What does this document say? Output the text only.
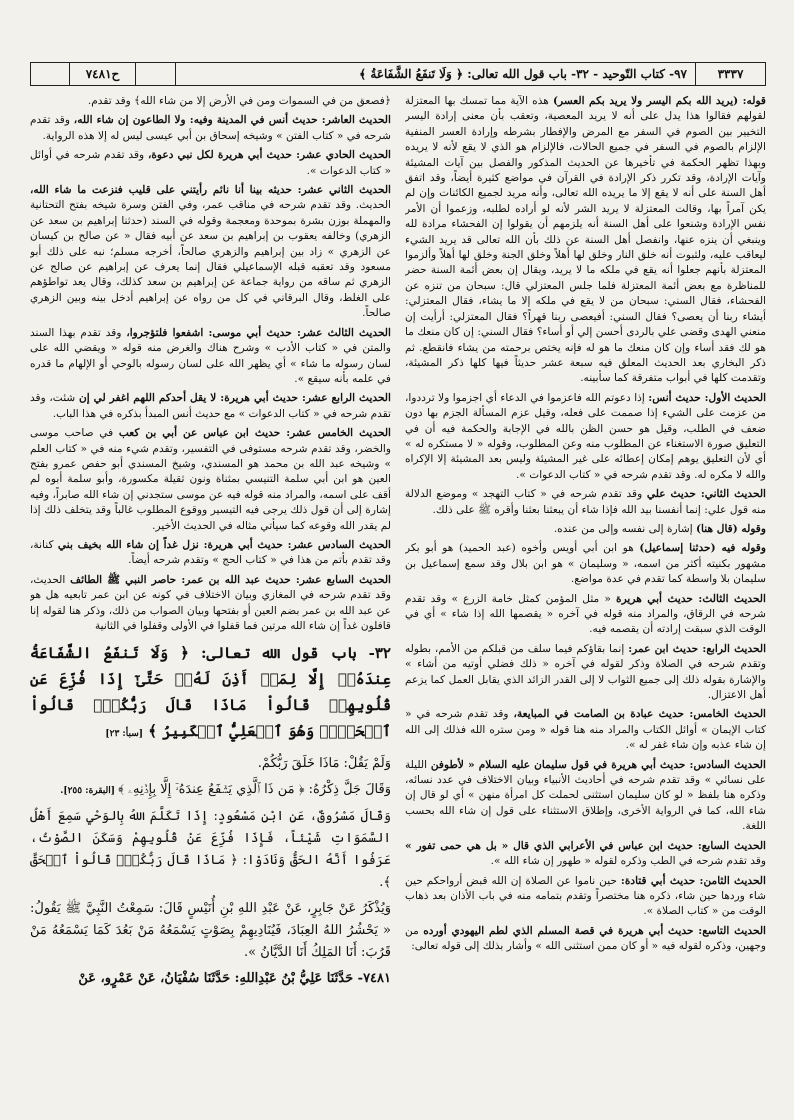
٣٣٣٧
٩٧- كتاب التّوحيد - ٣٢- باب قول الله تعالى: ﴿ وَلَا تَنفَعُ الشَّفَاعَةُ ﴾
ح٧٤٨١

قوله: (يريد الله بكم اليسر ولا يريد بكم العسر) هذه الآية مما تمسك بها المعتزلة لقولهم فقالوا هذا يدل على أنه لا يريد المعصية، وتعقب بأن معنى إرادة اليسر التخيير بين الصوم في السفر مع المرض والإفطار بشرطه وإرادة العسر المنفية الإلزام بالصوم في السفر في جميع الحالات، فالإلزام هو الذي لا يقع لأنه لا يريده وبهذا تظهر الحكمة في تأخيرها عن الحديث المذكور والفصل بين آيات المشيئة وآيات الإرادة، وقد تكرر ذكر الإرادة في القرآن في مواضع كثيرة أيضاً، وقد اتفق أهل السنة على أنه لا يقع إلا ما يريده الله تعالى، وأنه مريد لجميع الكائنات وإن لم يكن آمراً بها، وقالت المعتزلة لا يريد الشر لأنه لو أراده لطلبه، وزعموا أن الأمر نفس الإرادة وشنعوا على أهل السنة أنه يلزمهم أن يقولوا إن الفحشاء مرادة لله وينبغي أن ينزه عنها، وانفصل أهل السنة عن ذلك بأن الله تعالى قد يريد الشيء ليعاقب عليه، ولثبوت أنه خلق النار وخلق لها أهلاً وخلق الجنة وخلق لها أهلاً وألزموا المعتزلة بأنهم جعلوا أنه يقع في ملكه ما لا يريد، ويقال إن بعض أئمة السنة حضر للمناظرة مع بعض أئمة المعتزلة فلما جلس المعتزلي قال: سبحان من تنزه عن الفحشاء، فقال السني: سبحان من لا يقع في ملكه إلا ما يشاء، فقال المعتزلي: أيشاء ربنا أن يعصى؟ فقال السني: أفيعصى ربنا قهراً؟ فقال المعتزلي: أرأيت إن منعني الهدى وقضى علي بالردى أحسن إلي أو أساء؟ فقال السني: إن كان منعك ما هو لك فقد أساء وإن كان منعك ما هو له فإنه يختص برحمته من يشاء فانقطع. ثم ذكر البخاري بعد الحديث المعلق فيه سبعة عشر حديثاً فيها كلها ذكر المشيئة، وتقدمت كلها في أبواب متفرقة كما سأبينه.

الحديث الأول: حديث أنس: إذا دعوتم الله فاعزموا في الدعاء أي اجزموا ولا ترددوا، من عزمت على الشيء إذا صممت على فعله، وقيل عزم المسألة الجزم بها دون ضعف في الطلب، وقيل هو حسن الظن بالله في الإجابة والحكمة فيه أن في التعليق صورة الاستغناء عن المطلوب منه وعن المطلوب، وقوله « لا مستكره له » أي لأن التعليق يوهم إمكان إعطائه على غير المشيئة وليس بعد المشيئة إلا الإكراه والله لا مكره له. وقد تقدم شرحه في « كتاب الدعوات ».

الحديث الثاني: حديث علي وقد تقدم شرحه في « كتاب التهجد » وموضع الدلالة منه قول علي: إنما أنفسنا بيد الله فإذا شاء أن يبعثنا بعثنا وأقره ﷺ على ذلك.

وقوله (قال هنا) إشارة إلى نفسه وإلى من عنده.

وقوله فيه (حدثنا إسماعيل) هو ابن أبي أويس وأخوه (عبد الحميد) هو أبو بكر مشهور بكنيته أكثر من اسمه، « وسليمان » هو ابن بلال وقد سمع إسماعيل بن سليمان بلا واسطة كما تقدم في عدة مواضع.

الحديث الثالث: حديث أبي هريرة « مثل المؤمن كمثل خامة الزرع » وقد تقدم شرحه في الرقاق، والمراد منه قوله في آخره « يقصمها الله إذا شاء » أي في الوقت الذي سبقت إرادته أن يقصمه فيه.

الحديث الرابع: حديث ابن عمر: إنما بقاؤكم فيما سلف من قبلكم من الأمم، بطوله وتقدم شرحه في الصلاة وذكر لقوله في آخره « ذلك فضلي أوتيه من أشاء » والإشارة بقوله ذلك إلى جميع الثواب لا إلى القدر الزائد الذي يقابل العمل كما يزعم أهل الاعتزال.

الحديث الخامس: حديث عبادة بن الصامت في المبايعة، وقد تقدم شرحه في « كتاب الإيمان » أوائل الكتاب والمراد منه هنا قوله « ومن ستره الله فذلك إلى الله إن شاء عذبه وإن شاء غفر له ».

الحديث السادس: حديث أبي هريرة في قول سليمان عليه السلام « لأطوفن الليلة على نسائي » وقد تقدم شرحه في أحاديث الأنبياء وبيان الاختلاف في عدد نسائه، وذكره هنا بلفظ « لو كان سليمان استثنى لحملت كل امرأة منهن » أي لو قال إن شاء الله، كما في الرواية الأخرى، وإطلاق الاستثناء على قول إن شاء الله بحسب اللغة.

الحديث السابع: حديث ابن عباس في الأعرابي الذي قال « بل هي حمى تفور » وقد تقدم شرحه في الطب وذكره لقوله « طهور إن شاء الله ».

الحديث الثامن: حديث أبي قتادة: حين ناموا عن الصلاة إن الله قبض أرواحكم حين شاء وردها حين شاء، ذكره هنا مختصراً وتقدم بتمامه منه في باب الأذان بعد ذهاب الوقت من « كتاب الصلاة ».

الحديث التاسع: حديث أبي هريرة في قصة المسلم الذي لطم اليهودي أورده من وجهين، وذكره لقوله فيه « أو كان ممن استثنى الله » وأشار بذلك إلى قوله تعالى:

﴿فصعق من في السموات ومن في الأرض إلا من شاء الله﴾ وقد تقدم.

الحديث العاشر: حديث أنس في المدينة وفيه: ولا الطاعون إن شاء الله، وقد تقدم شرحه في « كتاب الفتن » وشيخه إسحاق بن أبي عيسى ليس له إلا هذه الرواية.

الحديث الحادي عشر: حديث أبي هريرة لكل نبي دعوة، وقد تقدم شرحه في أوائل « كتاب الدعوات ».

الحديث الثاني عشر: حديثه بينا أنا نائم رأيتني على قليب فنزعت ما شاء الله، الحديث. وقد تقدم شرحه في مناقب عمر، وفي الفتن وسرة شيخه بفتح التحتانية والمهملة بوزن بشرة بموحدة ومعجمة وقوله في السند (حدثنا إبراهيم بن سعد عن الزهري) وخالفه يعقوب بن إبراهيم بن سعد عن أبيه فقال « عن صالح بن كيسان عن الزهري » زاد بين إبراهيم والزهري صالحاً، أخرجه مسلم؛ نبه على ذلك أبو مسعود وقد تعقبه قبله الإسماعيلي فقال إنما يعرف عن إبراهيم عن صالح عن الزهري ثم ساقه من رواية جماعة عن إبراهيم بن سعد كذلك، وقال يعد تواطؤهم على الغلط، وقال البرقاني في كل من رواه عن إبراهيم أدخل بينه وبين الزهري صالحاً.

الحديث الثالث عشر: حديث أبي موسى: اشفعوا فلتؤجروا، وقد تقدم بهذا السند والمتن في « كتاب الأدب » وشرح هناك والغرض منه قوله « ويقضي الله على لسان رسوله ما شاء » أي يظهر الله على لسان رسوله بالوحي أو الإلهام ما قدره في علمه بأنه سيقع ».

الحديث الرابع عشر: حديث أبي هريرة: لا يقل أحدكم اللهم اغفر لي إن شئت، وقد تقدم شرحه في « كتاب الدعوات » مع حديث أنس المبدأ بذكره في هذا الباب.

الحديث الخامس عشر: حديث ابن عباس عن أبي بن كعب في صاحب موسى والخضر، وقد تقدم شرحه مستوفى في التفسير، وتقدم شيء منه في « كتاب العلم » وشيخه عبد الله بن محمد هو المسندي، وشيخ المسندي أبو حفص عمرو بفتح العين هو ابن أبي سلمة التنيسي بمثناة ونون ثقيلة مكسورة، وأبو سلمة أبوه لم أقف على اسمه، والمراد منه قوله فيه عن موسى ستجدني إن شاء الله صابراً، وفيه إشارة إلى أن قول ذلك يرجى فيه التيسير ووقوع المطلوب غالباً وقد يتخلف ذلك إذا لم يقدر الله وقوعه كما سيأتي مثاله في الحديث الأخير.

الحديث السادس عشر: حديث أبي هريرة: نزل غداً إن شاء الله بخيف بني كنانة، وقد تقدم بأتم من هذا في « كتاب الحج » وتقدم شرحه أيضاً.

الحديث السابع عشر: حديث عبد الله بن عمر: حاصر النبي ﷺ الطائف الحديث، وقد تقدم شرحه في المغازي وبيان الاختلاف في كونه عن ابن عمر تابعيه هل هو عن عبد الله بن عمر بضم العين أو بفتحها وبيان الصواب من ذلك، وذكر هنا لقوله إنا قافلون غداً إن شاء الله مرتين فما قفلوا في الأولى وقفلوا في الثانية

٣٢- باب قول الله تعالى: ﴿ وَلَا تَنفَعُ الشَّفَاعَةُ عِندَهُۥٓ إِلَّا لِمَنۡ أَذِنَ لَهُۥۚ حَتَّىٰٓ إِذَا فُزِّعَ عَن قُلُوبِهِمۡ قَالُواْ مَاذَا قَالَ رَبُّكُمۡۖ قَالُواْ ٱلۡحَقَّۖ وَهُوَ ٱلۡعَلِيُّ ٱلۡكَبِيرُ ﴾ [سبأ: ٢٣]

وَلَمْ يَقُلْ: مَاذَا خَلَقَ رَبُّكُمْ.

وَقَالَ جَلَّ ذِكْرُهُ: ﴿ مَن ذَا ٱلَّذِي يَشۡفَعُ عِندَهُۥٓ إِلَّا بِإِذۡنِهِۦ ﴾ [البقرة: ٢٥٥].

وَقَالَ مَسْرُوقٌ، عَنِ ابْنِ مَسْعُودٍ: إِذَا تَكَلَّمَ اللهُ بِالوَحْيِ سَمِعَ أَهْلُ السَّمَوَاتِ شَيْئاً، فَإِذَا فُزِّعَ عَنْ قُلُوبِهِمْ وَسَكَنَ الصَّوْتُ، عَرَفُوا أَنَّهُ الحَقُّ وَنَادَوْا: ﴿ مَاذَا قَالَ رَبُّكُمۡۖ قَالُواْ ٱلۡحَقَّ ﴾.

وَيُذْكَرُ عَنْ جَابِرٍ، عَنْ عَبْدِ اللهِ بْنِ أُنَيْسٍ قَالَ: سَمِعْتُ النَّبِيَّ ﷺ يَقُولُ: « يَحْشُرُ اللهُ العِبَادَ، فَيُنَادِيهِمْ بِصَوْتٍ يَسْمَعُهُ مَنْ بَعُدَ كَمَا يَسْمَعُهُ مَنْ قَرُبَ: أَنَا المَلِكُ أَنَا الدَّيَّانُ ».

٧٤٨١- حَدَّثَنَا عَلِيُّ بْنُ عَبْدِاللهِ: حَدَّثَنَا سُفْيَانُ، عَنْ عَمْرٍو، عَنْ
